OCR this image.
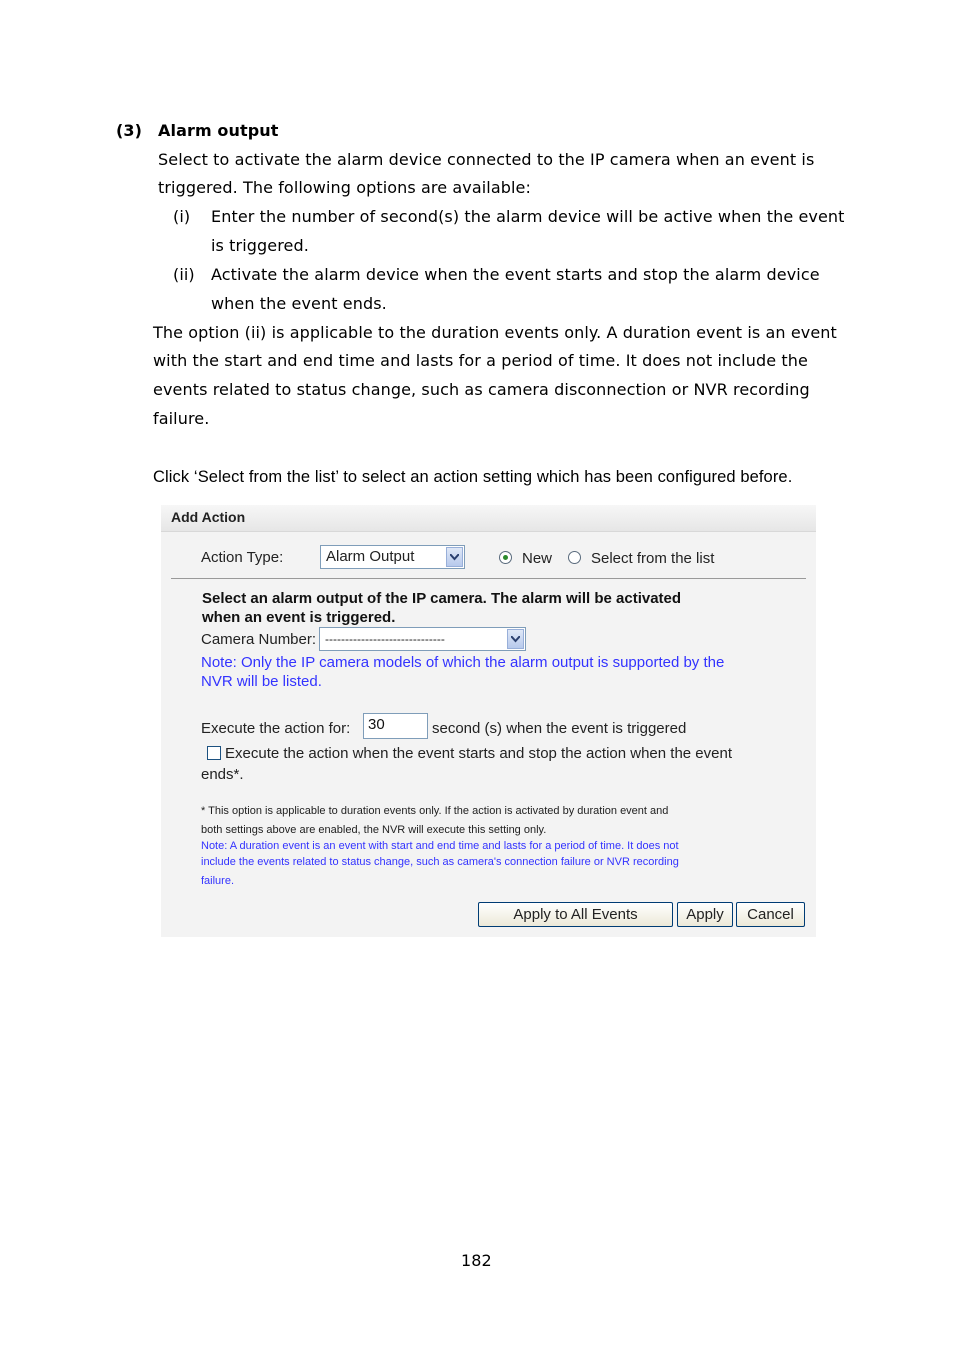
(3) Alarm output
Select to activate the alarm device connected to the IP camera when an event is
triggered. The following options are available:
(i) Enter the number of second(s) the alarm device will be active when the event
is triggered.
(ii) Activate the alarm device when the event starts and stop the alarm device
when the event ends.
The option (ii) is applicable to the duration events only. A duration event is an event
with the start and end time and lasts for a period of time. It does not include the
events related to status change, such as camera disconnection or NVR recording
failure.
Click ‘Select from the list’ to select an action setting which has been configured before.
Add Action
Action Type:	Alarm Output	New	Select from the list
Select an alarm output of the IP camera. The alarm will be activated
when an event is triggered.
Camera Number: ------------------------------
Note: Only the IP camera models of which the alarm output is supported by the
NVR will be listed.
Execute the action for: 30	second (s) when the event is triggered
Execute the action when the event starts and stop the action when the event
ends*.
* This option is applicable to duration events only. If the action is activated by duration event and
both settings above are enabled, the NVR will execute this setting only.
Note: A duration event is an event with start and end time and lasts for a period of time. It does not
include the events related to status change, such as camera's connection failure or NVR recording
failure.
Apply to All Events	Apply	Cancel
182
